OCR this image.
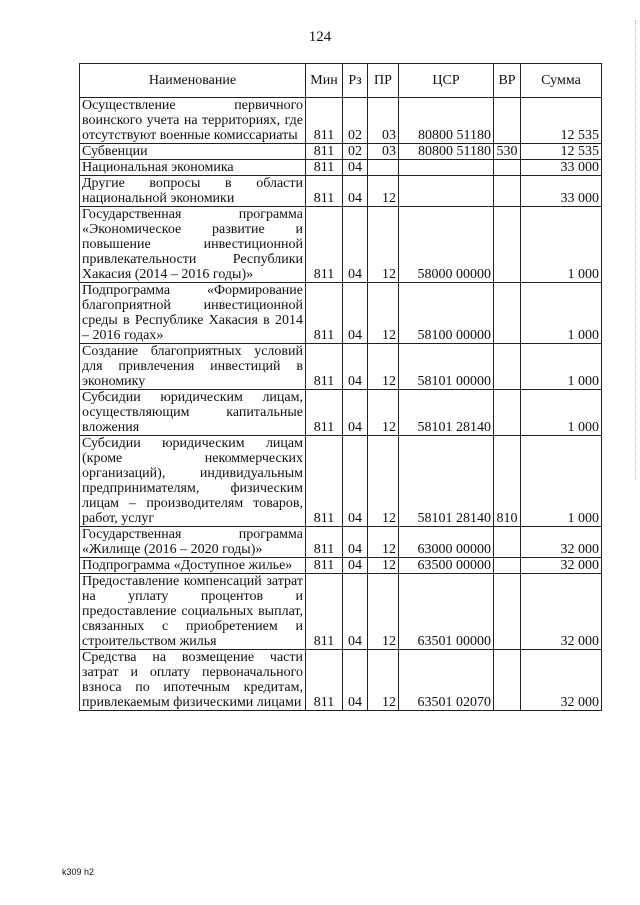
124
Наименование	Мин	Рз	ПР	ЦСР	ВР	Сумма
Осуществление первичного воинского учета на территориях, где отсутствуют военные комиссариаты	811	02	03	80800 51180		12 535
Субвенции	811	02	03	80800 51180	530	12 535
Национальная экономика	811	04				33 000
Другие вопросы в области национальной экономики	811	04	12			33 000
Государственная программа «Экономическое развитие и повышение инвестиционной привлекательности Республики Хакасия (2014 – 2016 годы)»	811	04	12	58000 00000		1 000
Подпрограмма «Формирование благоприятной инвестиционной среды в Республике Хакасия в 2014 – 2016 годах»	811	04	12	58100 00000		1 000
Создание благоприятных условий для привлечения инвестиций в экономику	811	04	12	58101 00000		1 000
Субсидии юридическим лицам, осуществляющим капитальные вложения	811	04	12	58101 28140		1 000
Субсидии юридическим лицам (кроме некоммерческих организаций), индивидуальным предпринимателям, физическим лицам – производителям товаров, работ, услуг	811	04	12	58101 28140	810	1 000
Государственная программа «Жилище (2016 – 2020 годы)»	811	04	12	63000 00000		32 000
Подпрограмма «Доступное жилье»	811	04	12	63500 00000		32 000
Предоставление компенсаций затрат на уплату процентов и предоставление социальных выплат, связанных с приобретением и строительством жилья	811	04	12	63501 00000		32 000
Средства на возмещение части затрат и оплату первоначального взноса по ипотечным кредитам, привлекаемым физическими лицами	811	04	12	63501 02070		32 000
k309 h2
